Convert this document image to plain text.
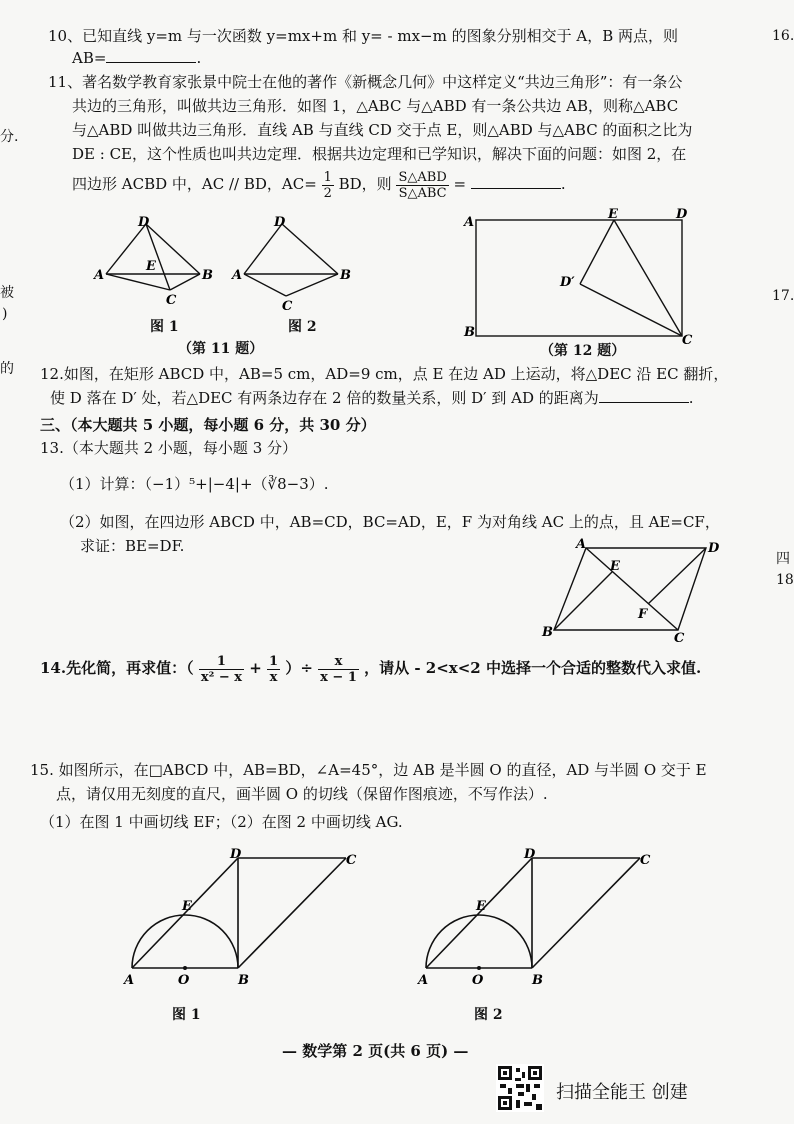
16.
17.
四
18
分.
被
)
的
10、已知直线 y=m 与一次函数 y=mx+m 和 y= - mx−m 的图象分别相交于 A，B 两点，则
AB=	.
11、著名数学教育家张景中院士在他的著作《新概念几何》中这样定义“共边三角形”：有一条公
共边的三角形，叫做共边三角形．如图 1，△ABC 与△ABD 有一条公共边 AB，则称△ABC
与△ABD 叫做共边三角形．直线 AB 与直线 CD 交于点 E，则△ABD 与△ABC 的面积之比为
DE : CE，这个性质也叫共边定理．根据共边定理和已学知识，解决下面的问题：如图 2，在
四边形 ACBD 中，AC // BD，$AC= \frac{1}{2}$ BD，则 $\frac{\text{S△ABD}}{\text{S△ABC}}$ =	.
D
A	B
C
E
图 1
D
A	B
C
图 2
（第 11 题）
A
E	D
D′
B
C
（第 12 题）
12.如图，在矩形 ABCD 中，AB=5 cm，AD=9 cm，点 E 在边 AD 上运动，将△DEC 沿 EC 翻折，
使 D 落在 D′ 处，若△DEC 有两条边存在 2 倍的数量关系，则 D′ 到 AD 的距离为	.
三、（本大题共 5 小题，每小题 6 分，共 30 分）
13.（本大题共 2 小题，每小题 3 分）
（1）计算：（−1）⁵+|−4|+（∛8−3）.
（2）如图，在四边形 ABCD 中，AB=CD，BC=AD，E，F 为对角线 AC 上的点，且 AE=CF，
求证：BE=DF.	A	D
E
F
B	C
14.先化简，再求值：（ $\frac{1}{\text{x² − x}} + \frac{1}{x}$ ）÷ $\frac{x}{x - 1}$ ，请从 - 2<x<2 中选择一个合适的整数代入求值.
15. 如图所示，在□ABCD 中，AB=BD，∠A=45°，边 AB 是半圆 O 的直径，AD 与半圆 O 交于 E
点，请仅用无刻度的直尺，画半圆 O 的切线（保留作图痕迹，不写作法）.
（1）在图 1 中画切线 EF；（2）在图 2 中画切线 AG.
A	O	B
D	C
E
图 1
A	O	B
D	C
E
图 2
— 数学第 2 页(共 6 页) —
扫描全能王 创建
